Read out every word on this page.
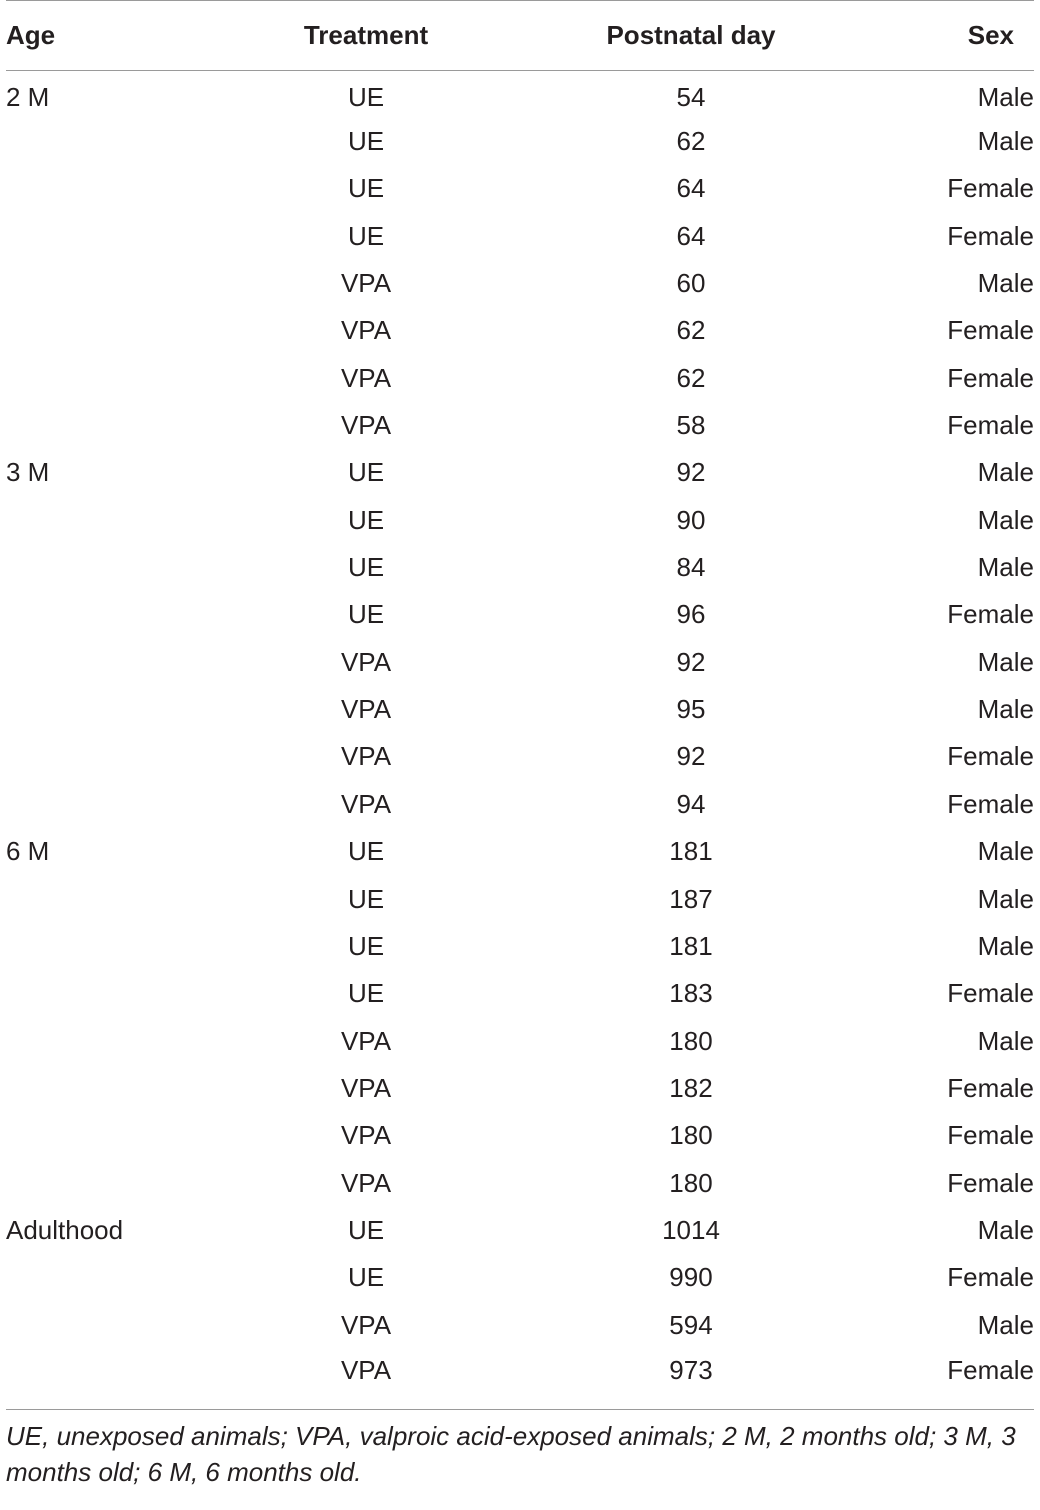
Age	Treatment	Postnatal day	Sex
2 M	UE	54	Male
	UE	62	Male
	UE	64	Female
	UE	64	Female
	VPA	60	Male
	VPA	62	Female
	VPA	62	Female
	VPA	58	Female
3 M	UE	92	Male
	UE	90	Male
	UE	84	Male
	UE	96	Female
	VPA	92	Male
	VPA	95	Male
	VPA	92	Female
	VPA	94	Female
6 M	UE	181	Male
	UE	187	Male
	UE	181	Male
	UE	183	Female
	VPA	180	Male
	VPA	182	Female
	VPA	180	Female
	VPA	180	Female
Adulthood	UE	1014	Male
	UE	990	Female
	VPA	594	Male
	VPA	973	Female
UE, unexposed animals; VPA, valproic acid-exposed animals; 2 M, 2 months old; 3 M, 3 months old; 6 M, 6 months old.
